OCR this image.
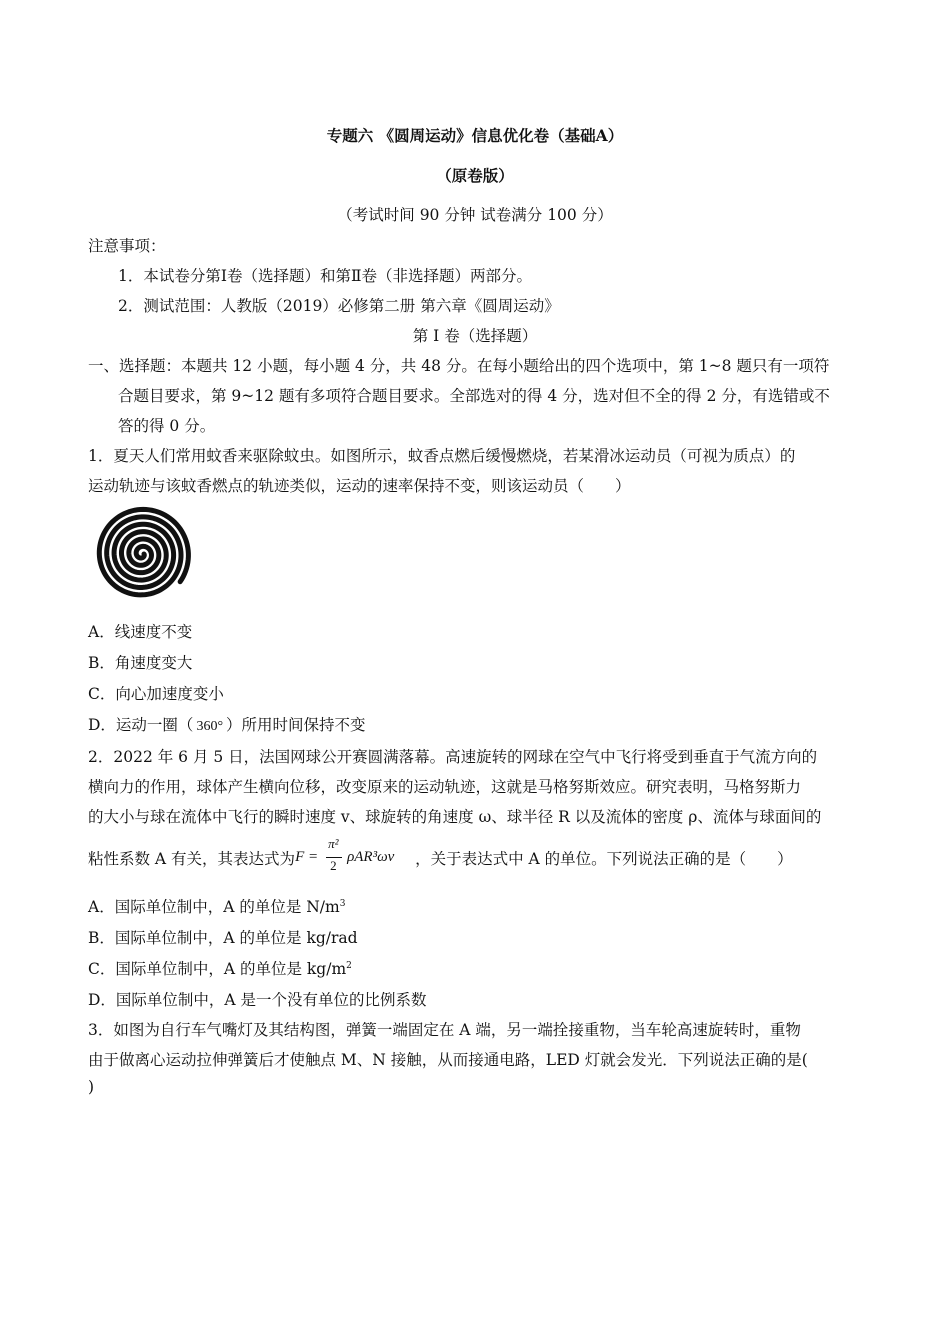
专题六 《圆周运动》信息优化卷（基础A）
（原卷版）
（考试时间 90 分钟 试卷满分 100 分）
注意事项：
1．本试卷分第Ⅰ卷（选择题）和第Ⅱ卷（非选择题）两部分。
2．测试范围：人教版（2019）必修第二册 第六章《圆周运动》
第 Ⅰ 卷（选择题）
一、选择题：本题共 12 小题，每小题 4 分，共 48 分。在每小题给出的四个选项中，第 1~8 题只有一项符
合题目要求，第 9~12 题有多项符合题目要求。全部选对的得 4 分，选对但不全的得 2 分，有选错或不
答的得 0 分。
1．夏天人们常用蚊香来驱除蚊虫。如图所示，蚊香点燃后缓慢燃烧，若某滑冰运动员（可视为质点）的
运动轨迹与该蚊香燃点的轨迹类似，运动的速率保持不变，则该运动员（　　）
A．线速度不变
B．角速度变大
C．向心加速度变小
D．运动一圈（ 360° ）所用时间保持不变
2．2022 年 6 月 5 日，法国网球公开赛圆满落幕。高速旋转的网球在空气中飞行将受到垂直于气流方向的
横向力的作用，球体产生横向位移，改变原来的运动轨迹，这就是马格努斯效应。研究表明，马格努斯力
的大小与球在流体中飞行的瞬时速度 v、球旋转的角速度 ω、球半径 R 以及流体的密度 ρ、流体与球面间的
粘性系数 A 有关，其表达式为 F =
π²
2
ρAR³ωv ，关于表达式中 A 的单位。下列说法正确的是（　　）
A．国际单位制中，A 的单位是 $N/m^3$
B．国际单位制中，A 的单位是 kg/rad
C．国际单位制中，A 的单位是 $kg/m^2$
D．国际单位制中，A 是一个没有单位的比例系数
3．如图为自行车气嘴灯及其结构图，弹簧一端固定在 A 端，另一端拴接重物，当车轮高速旋转时，重物
由于做离心运动拉伸弹簧后才使触点 M、N 接触，从而接通电路，LED 灯就会发光．下列说法正确的是(
)
